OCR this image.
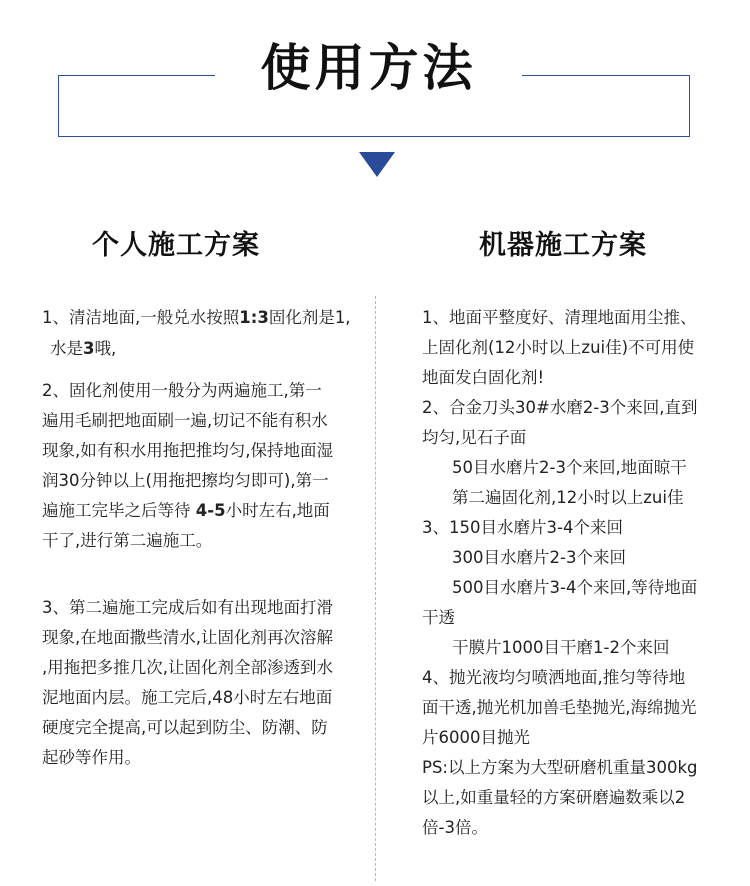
使用方法
个人施工方案	机器施工方案
1、清洁地面,一般兑水按照1:3固化剂是1,
水是3哦,
2、固化剂使用一般分为两遍施工,第一
遍用毛刷把地面刷一遍,切记不能有积水
现象,如有积水用拖把推均匀,保持地面湿
润30分钟以上(用拖把擦均匀即可),第一
遍施工完毕之后等待 4-5小时左右,地面
干了,进行第二遍施工。
3、第二遍施工完成后如有出现地面打滑
现象,在地面撒些清水,让固化剂再次溶解
,用拖把多推几次,让固化剂全部渗透到水
泥地面内层。施工完后,48小时左右地面
硬度完全提高,可以起到防尘、防潮、防
起砂等作用。
1、地面平整度好、清理地面用尘推、
上固化剂(12小时以上zui佳)不可用使
地面发白固化剂!
2、合金刀头30#水磨2-3个来回,直到
均匀,见石子面
50目水磨片2-3个来回,地面晾干
第二遍固化剂,12小时以上zui佳
3、150目水磨片3-4个来回
300目水磨片2-3个来回
500目水磨片3-4个来回,等待地面
干透
干膜片1000目干磨1-2个来回
4、抛光液均匀喷洒地面,推匀等待地
面干透,抛光机加兽毛垫抛光,海绵抛光
片6000目抛光
PS:以上方案为大型研磨机重量300kg
以上,如重量轻的方案研磨遍数乘以2
倍-3倍。
